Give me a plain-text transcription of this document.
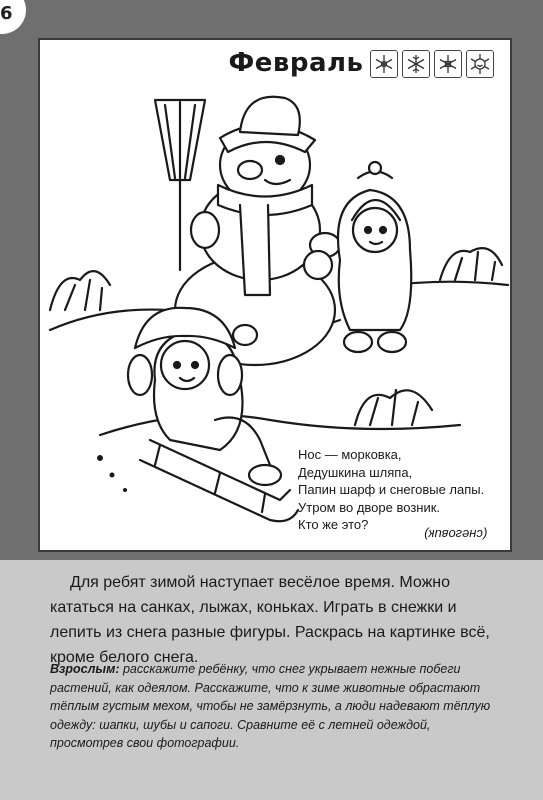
6
Февраль
Нос — морковка,
Дедушкина шляпа,
Папин шарф и снеговые лапы.
Утром во дворе возник.
Кто же это?
(снеговик)
Для ребят зимой наступает весёлое время. Можно кататься на санках, лыжах, коньках. Играть в снежки и лепить из снега разные фигуры. Раскрась на картинке всё, кроме белого снега.
Взрослым: расскажите ребёнку, что снег укрывает нежные побеги растений, как одеялом. Расскажите, что к зиме животные обрастают тёплым густым мехом, чтобы не замёрзнуть, а люди надевают тёплую одежду: шапки, шубы и сапоги. Сравните её с летней одеждой, просмотрев свои фотографии.
